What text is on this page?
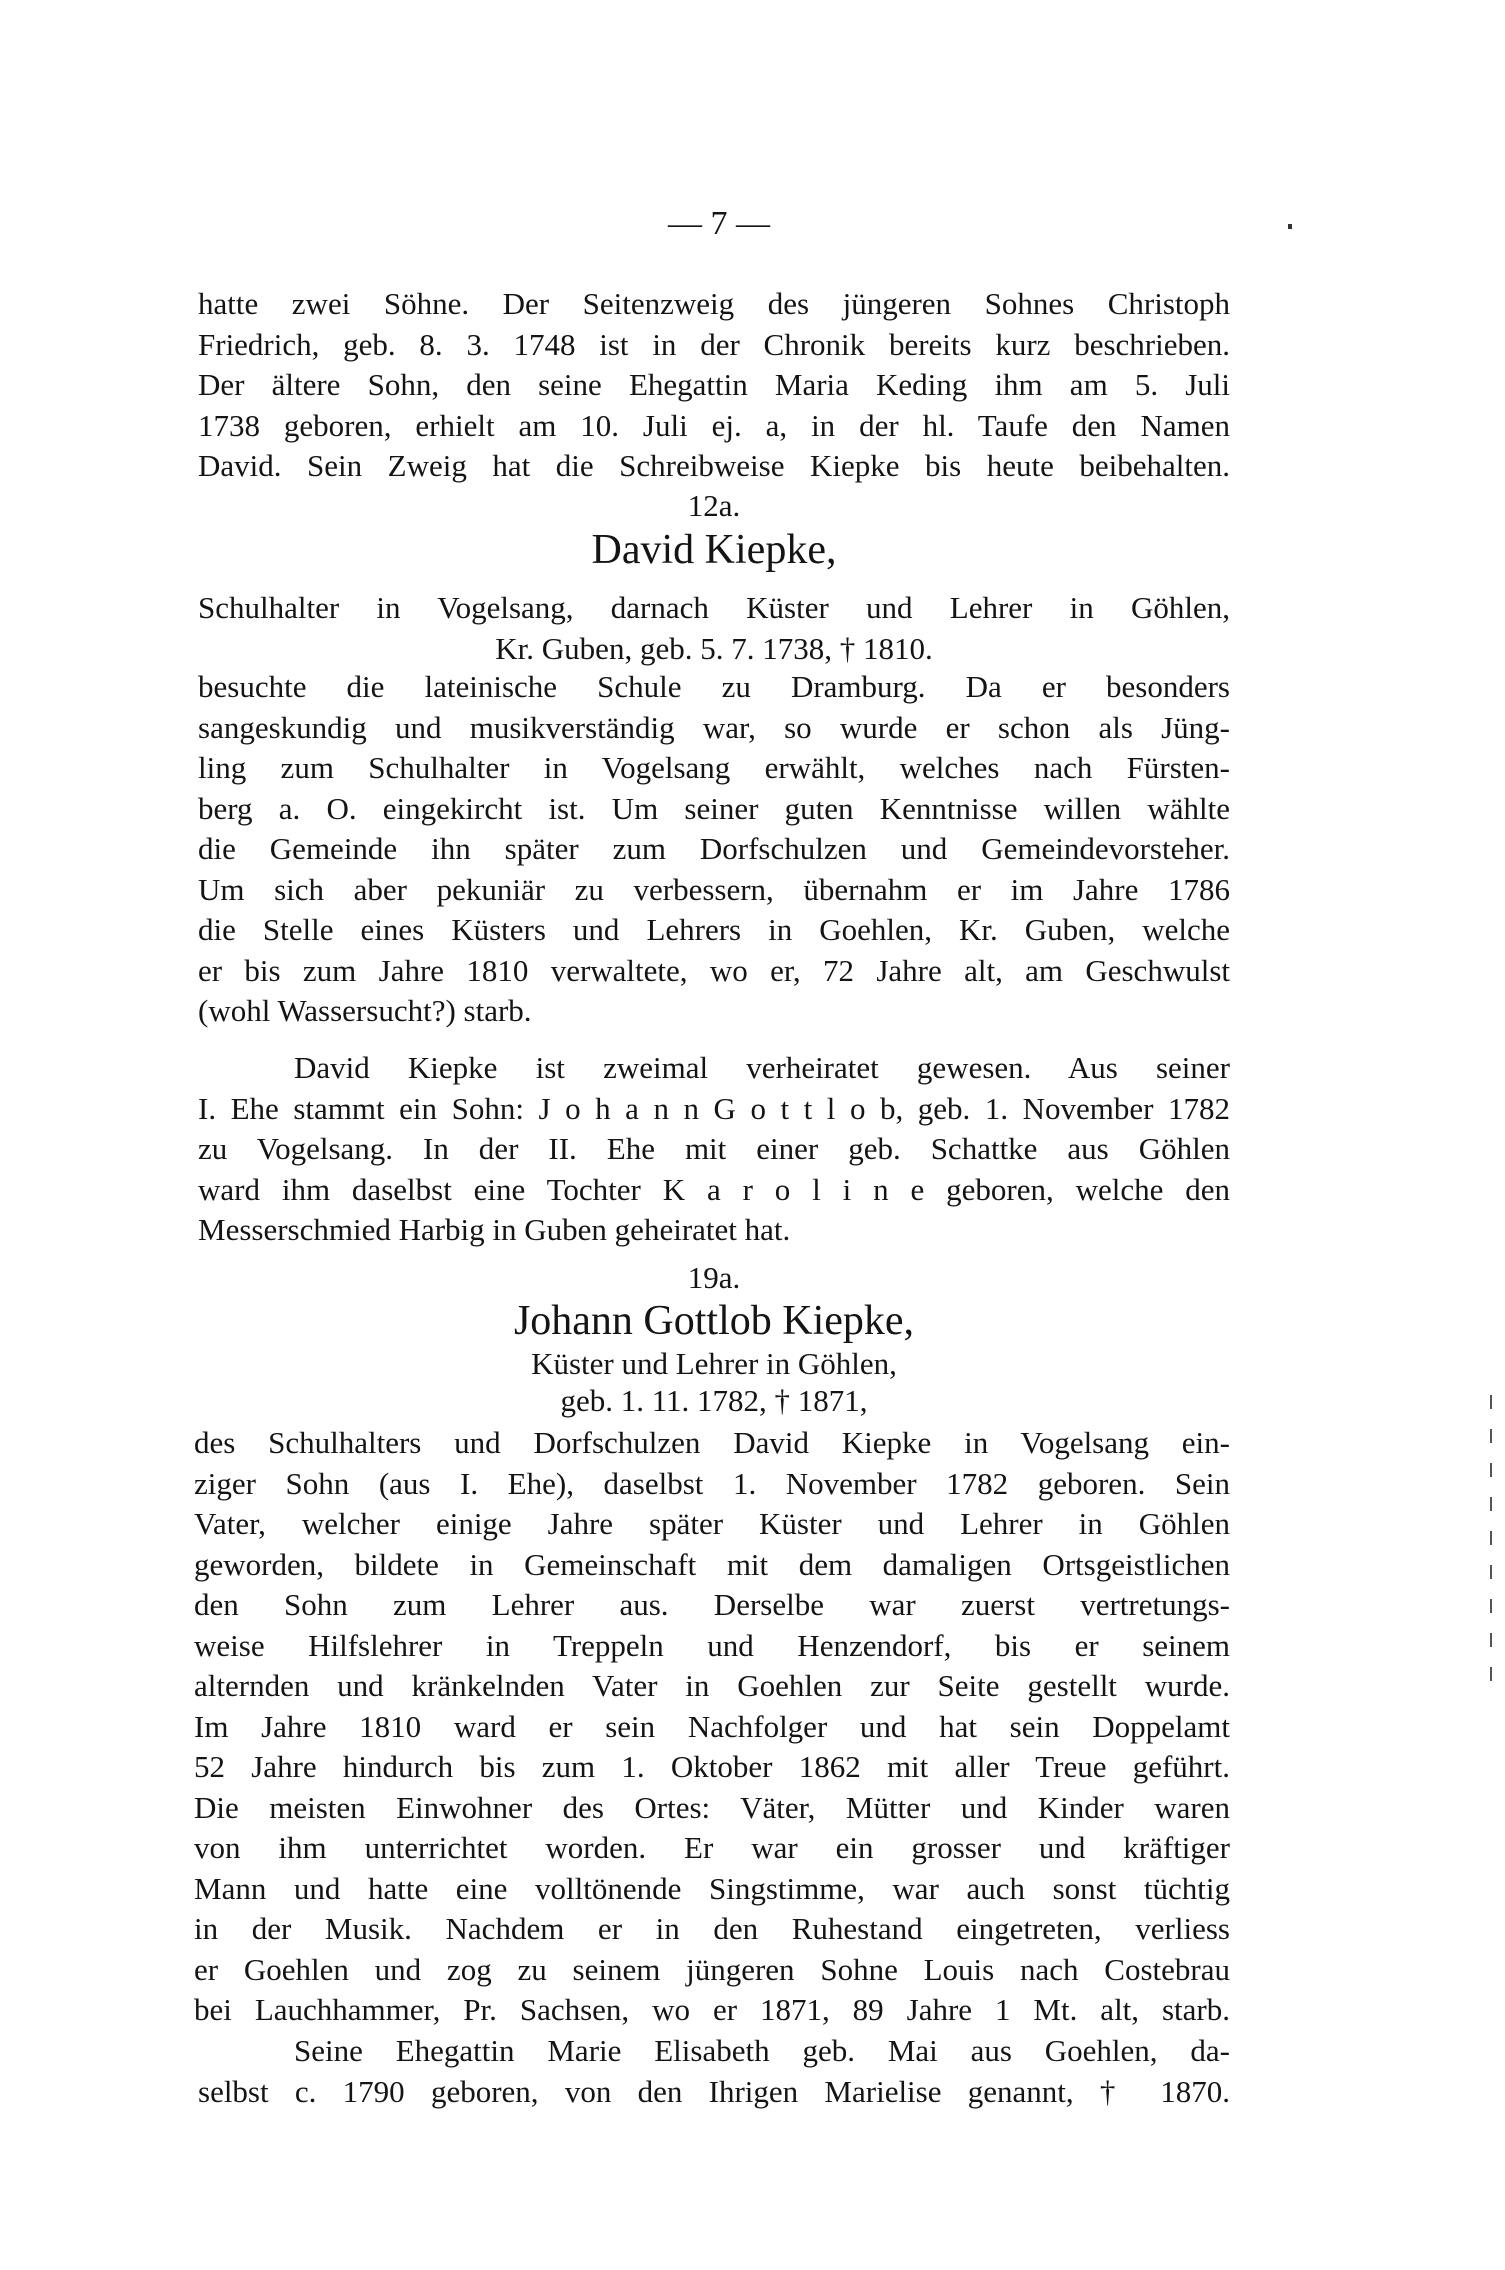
— 7 —
hatte zwei Söhne. Der Seitenzweig des jüngeren Sohnes Christoph
Friedrich, geb. 8. 3. 1748 ist in der Chronik bereits kurz beschrieben.
Der ältere Sohn, den seine Ehegattin Maria Keding ihm am 5. Juli
1738 geboren, erhielt am 10. Juli ej. a, in der hl. Taufe den Namen
David. Sein Zweig hat die Schreibweise Kiepke bis heute beibehalten.
12a.
David Kiepke,
Schulhalter in Vogelsang, darnach Küster und Lehrer in Göhlen,
Kr. Guben, geb. 5. 7. 1738, † 1810.
besuchte die lateinische Schule zu Dramburg. Da er besonders
sangeskundig und musikverständig war, so wurde er schon als Jüng-
ling zum Schulhalter in Vogelsang erwählt, welches nach Fürsten-
berg a. O. eingekircht ist. Um seiner guten Kenntnisse willen wählte
die Gemeinde ihn später zum Dorfschulzen und Gemeindevorsteher.
Um sich aber pekuniär zu verbessern, übernahm er im Jahre 1786
die Stelle eines Küsters und Lehrers in Goehlen, Kr. Guben, welche
er bis zum Jahre 1810 verwaltete, wo er, 72 Jahre alt, am Geschwulst
(wohl Wassersucht?) starb.
David Kiepke ist zweimal verheiratet gewesen. Aus seiner
I. Ehe stammt ein Sohn: J o h a n n G o t t l o b, geb. 1. November 1782
zu Vogelsang. In der II. Ehe mit einer geb. Schattke aus Göhlen
ward ihm daselbst eine Tochter K a r o l i n e geboren, welche den
Messerschmied Harbig in Guben geheiratet hat.
19a.
Johann Gottlob Kiepke,
Küster und Lehrer in Göhlen,
geb. 1. 11. 1782, † 1871,
des Schulhalters und Dorfschulzen David Kiepke in Vogelsang ein-
ziger Sohn (aus I. Ehe), daselbst 1. November 1782 geboren. Sein
Vater, welcher einige Jahre später Küster und Lehrer in Göhlen
geworden, bildete in Gemeinschaft mit dem damaligen Ortsgeistlichen
den Sohn zum Lehrer aus. Derselbe war zuerst vertretungs-
weise Hilfslehrer in Treppeln und Henzendorf, bis er seinem
alternden und kränkelnden Vater in Goehlen zur Seite gestellt wurde.
Im Jahre 1810 ward er sein Nachfolger und hat sein Doppelamt
52 Jahre hindurch bis zum 1. Oktober 1862 mit aller Treue geführt.
Die meisten Einwohner des Ortes: Väter, Mütter und Kinder waren
von ihm unterrichtet worden. Er war ein grosser und kräftiger
Mann und hatte eine volltönende Singstimme, war auch sonst tüchtig
in der Musik. Nachdem er in den Ruhestand eingetreten, verliess
er Goehlen und zog zu seinem jüngeren Sohne Louis nach Costebrau
bei Lauchhammer, Pr. Sachsen, wo er 1871, 89 Jahre 1 Mt. alt, starb.
Seine Ehegattin Marie Elisabeth geb. Mai aus Goehlen, da-
selbst c. 1790 geboren, von den Ihrigen Marielise genannt, † 1870.
